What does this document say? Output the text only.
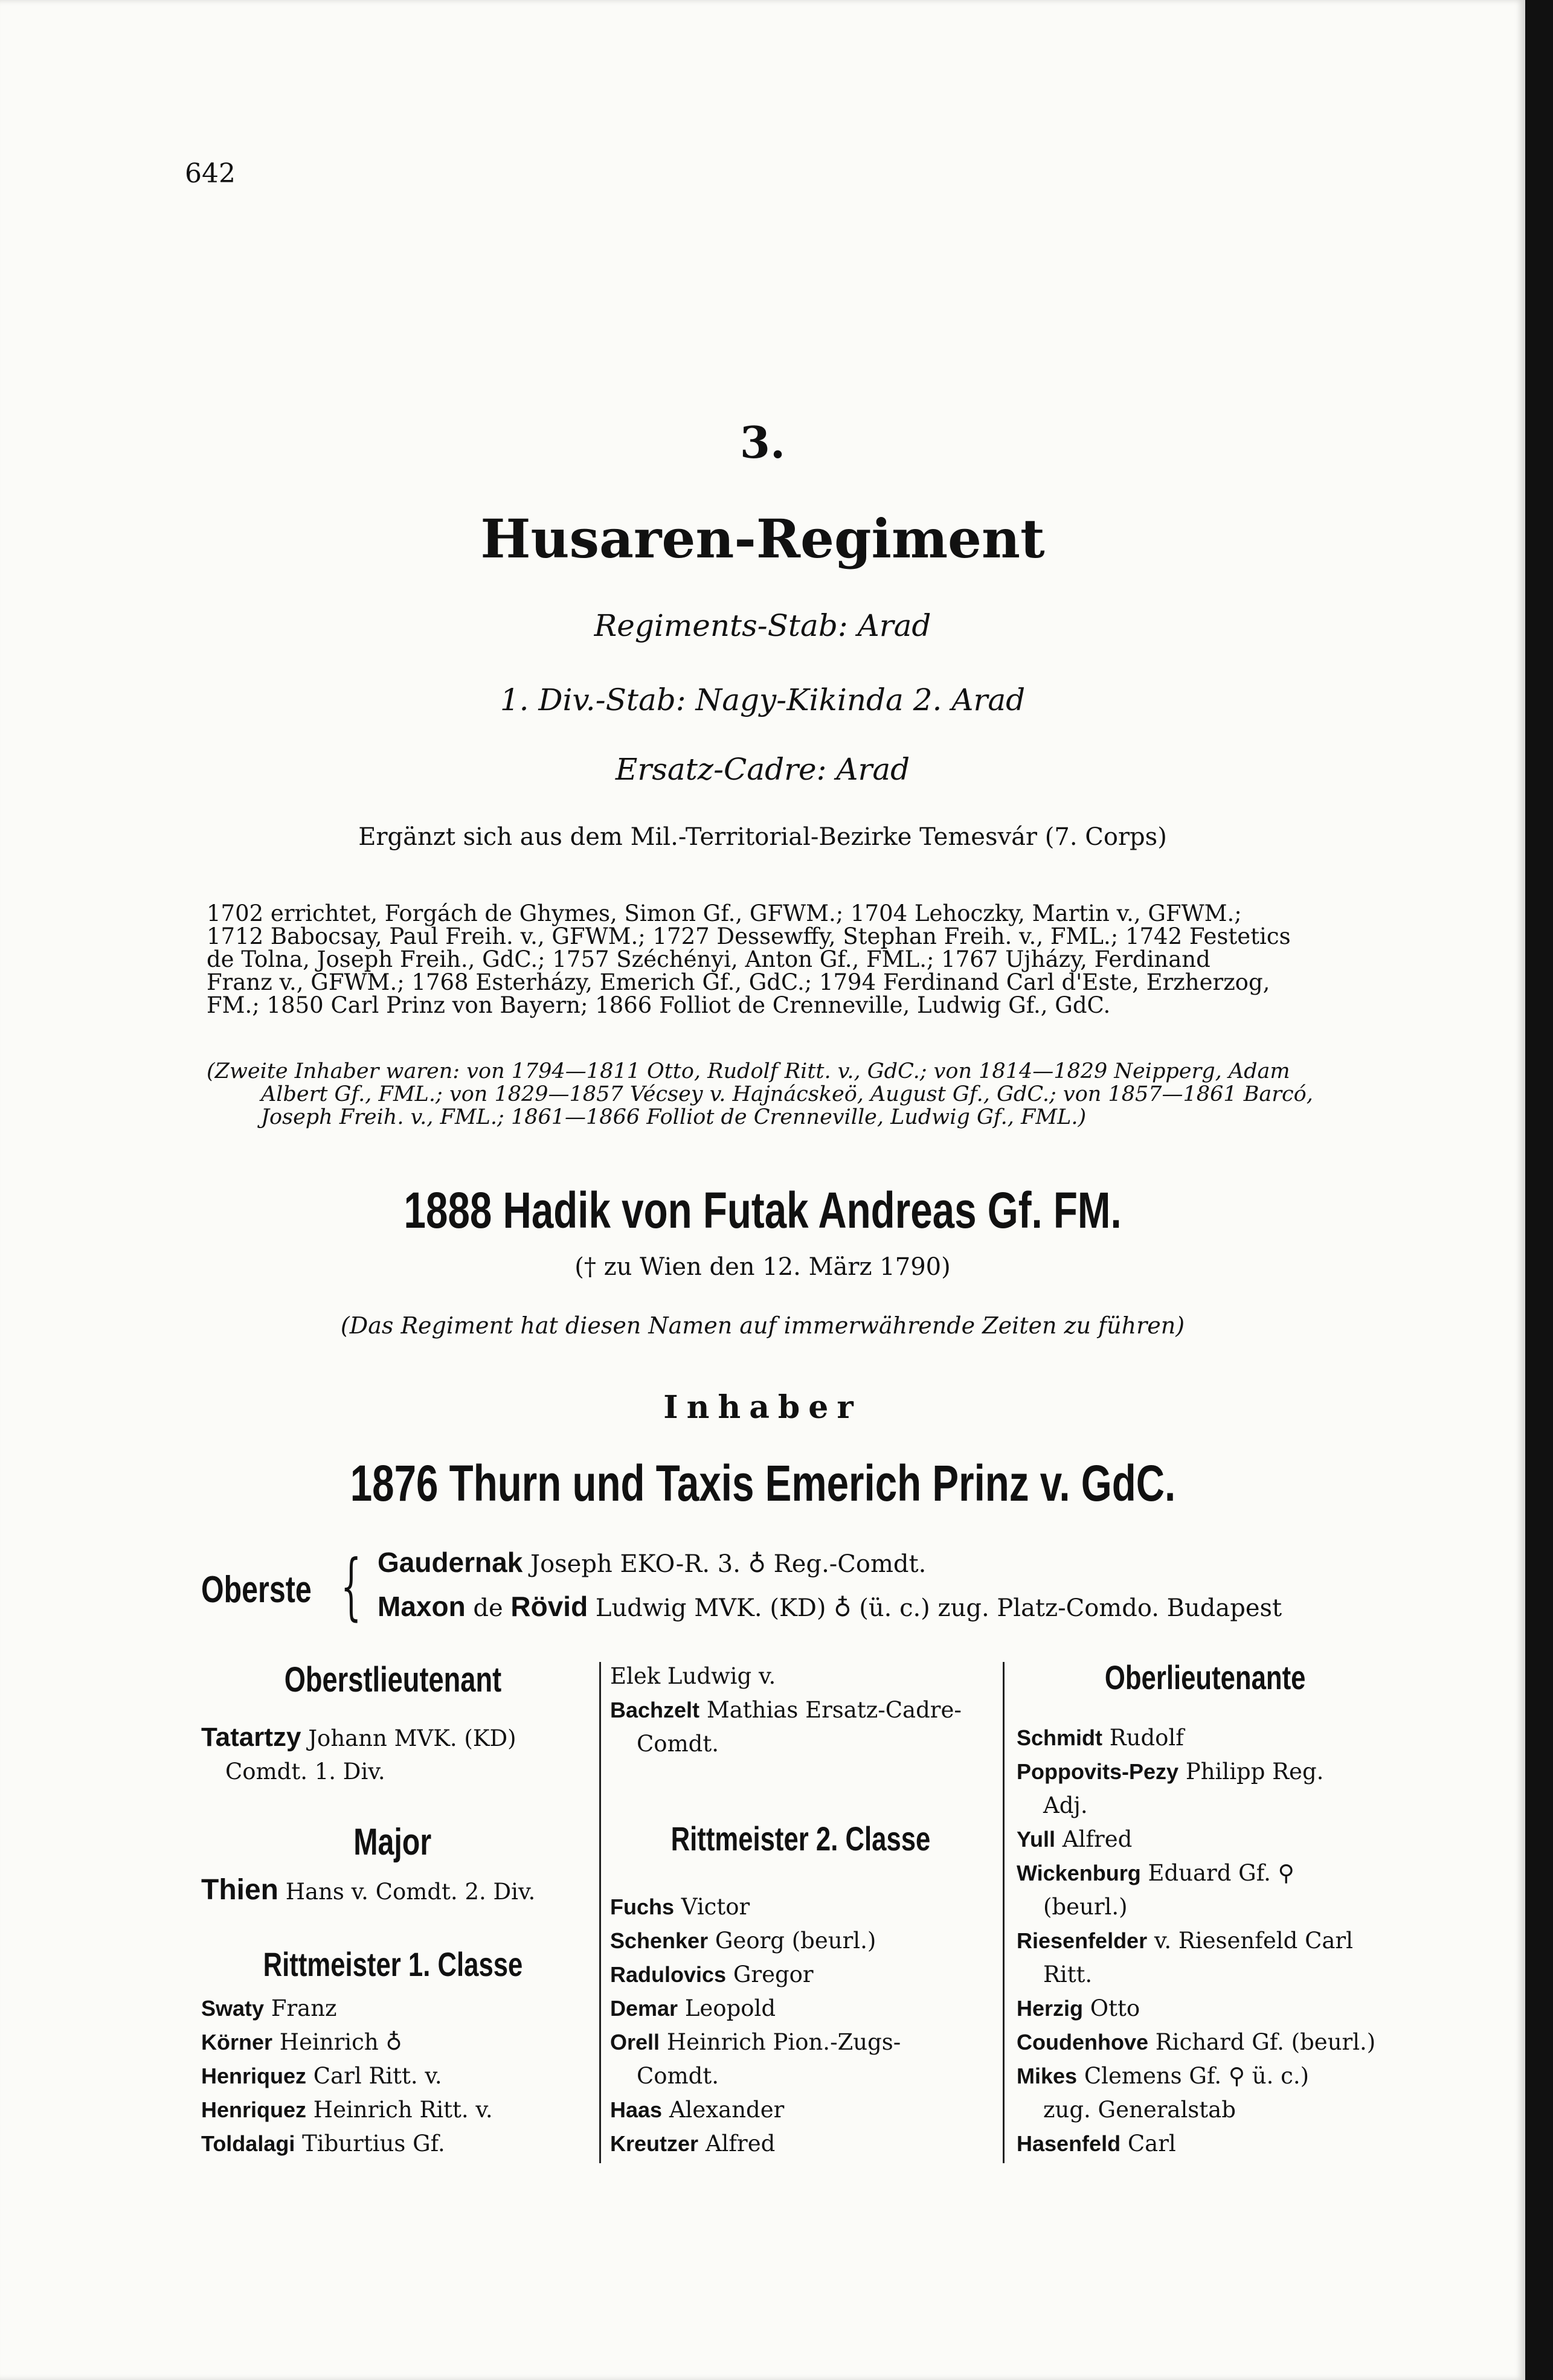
642
3.
Husaren-Regiment
Regiments-Stab: Arad
1. Div.-Stab: Nagy-Kikinda 2. Arad
Ersatz-Cadre: Arad
Ergänzt sich aus dem Mil.-Territorial-Bezirke Temesvár (7. Corps)
1702 errichtet, Forgách de Ghymes, Simon Gf., GFWM.; 1704 Lehoczky, Martin v., GFWM.;
1712 Babocsay, Paul Freih. v., GFWM.; 1727 Dessewffy, Stephan Freih. v., FML.; 1742 Festetics
de Tolna, Joseph Freih., GdC.; 1757 Széchényi, Anton Gf., FML.; 1767 Ujházy, Ferdinand
Franz v., GFWM.; 1768 Esterházy, Emerich Gf., GdC.; 1794 Ferdinand Carl d'Este, Erzherzog,
FM.; 1850 Carl Prinz von Bayern; 1866 Folliot de Crenneville, Ludwig Gf., GdC.
(Zweite Inhaber waren: von 1794—1811 Otto, Rudolf Ritt. v., GdC.; von 1814—1829 Neipperg, Adam
Albert Gf., FML.; von 1829—1857 Vécsey v. Hajnácskeö, August Gf., GdC.; von 1857—1861 Barcó,
Joseph Freih. v., FML.; 1861—1866 Folliot de Crenneville, Ludwig Gf., FML.)
1888 Hadik von Futak Andreas Gf. FM.
(† zu Wien den 12. März 1790)
(Das Regiment hat diesen Namen auf immerwährende Zeiten zu führen)
Inhaber
1876 Thurn und Taxis Emerich Prinz v. GdC.
Oberste { Gaudernak Joseph EKO-R. 3. ♁ Reg.-Comdt.
Maxon de Rövid Ludwig MVK. (KD) ♁ (ü. c.) zug. Platz-Comdo. Budapest
Oberstlieutenant
Tatartzy Johann MVK. (KD)
Comdt. 1. Div.
Major
Thien Hans v. Comdt. 2. Div.
Rittmeister 1. Classe
Swaty Franz
Körner Heinrich ♁
Henriquez Carl Ritt. v.
Henriquez Heinrich Ritt. v.
Toldalagi Tiburtius Gf.
Elek Ludwig v.
Bachzelt Mathias Ersatz-Cadre-
Comdt.
Rittmeister 2. Classe
Fuchs Victor
Schenker Georg (beurl.)
Radulovics Gregor
Demar Leopold
Orell Heinrich Pion.-Zugs-
Comdt.
Haas Alexander
Kreutzer Alfred
Oberlieutenante
Schmidt Rudolf
Poppovits-Pezy Philipp Reg.
Adj.
Yull Alfred
Wickenburg Eduard Gf. ⚲
(beurl.)
Riesenfelder v. Riesenfeld Carl
Ritt.
Herzig Otto
Coudenhove Richard Gf. (beurl.)
Mikes Clemens Gf. ⚲ ü. c.)
zug. Generalstab
Hasenfeld Carl
